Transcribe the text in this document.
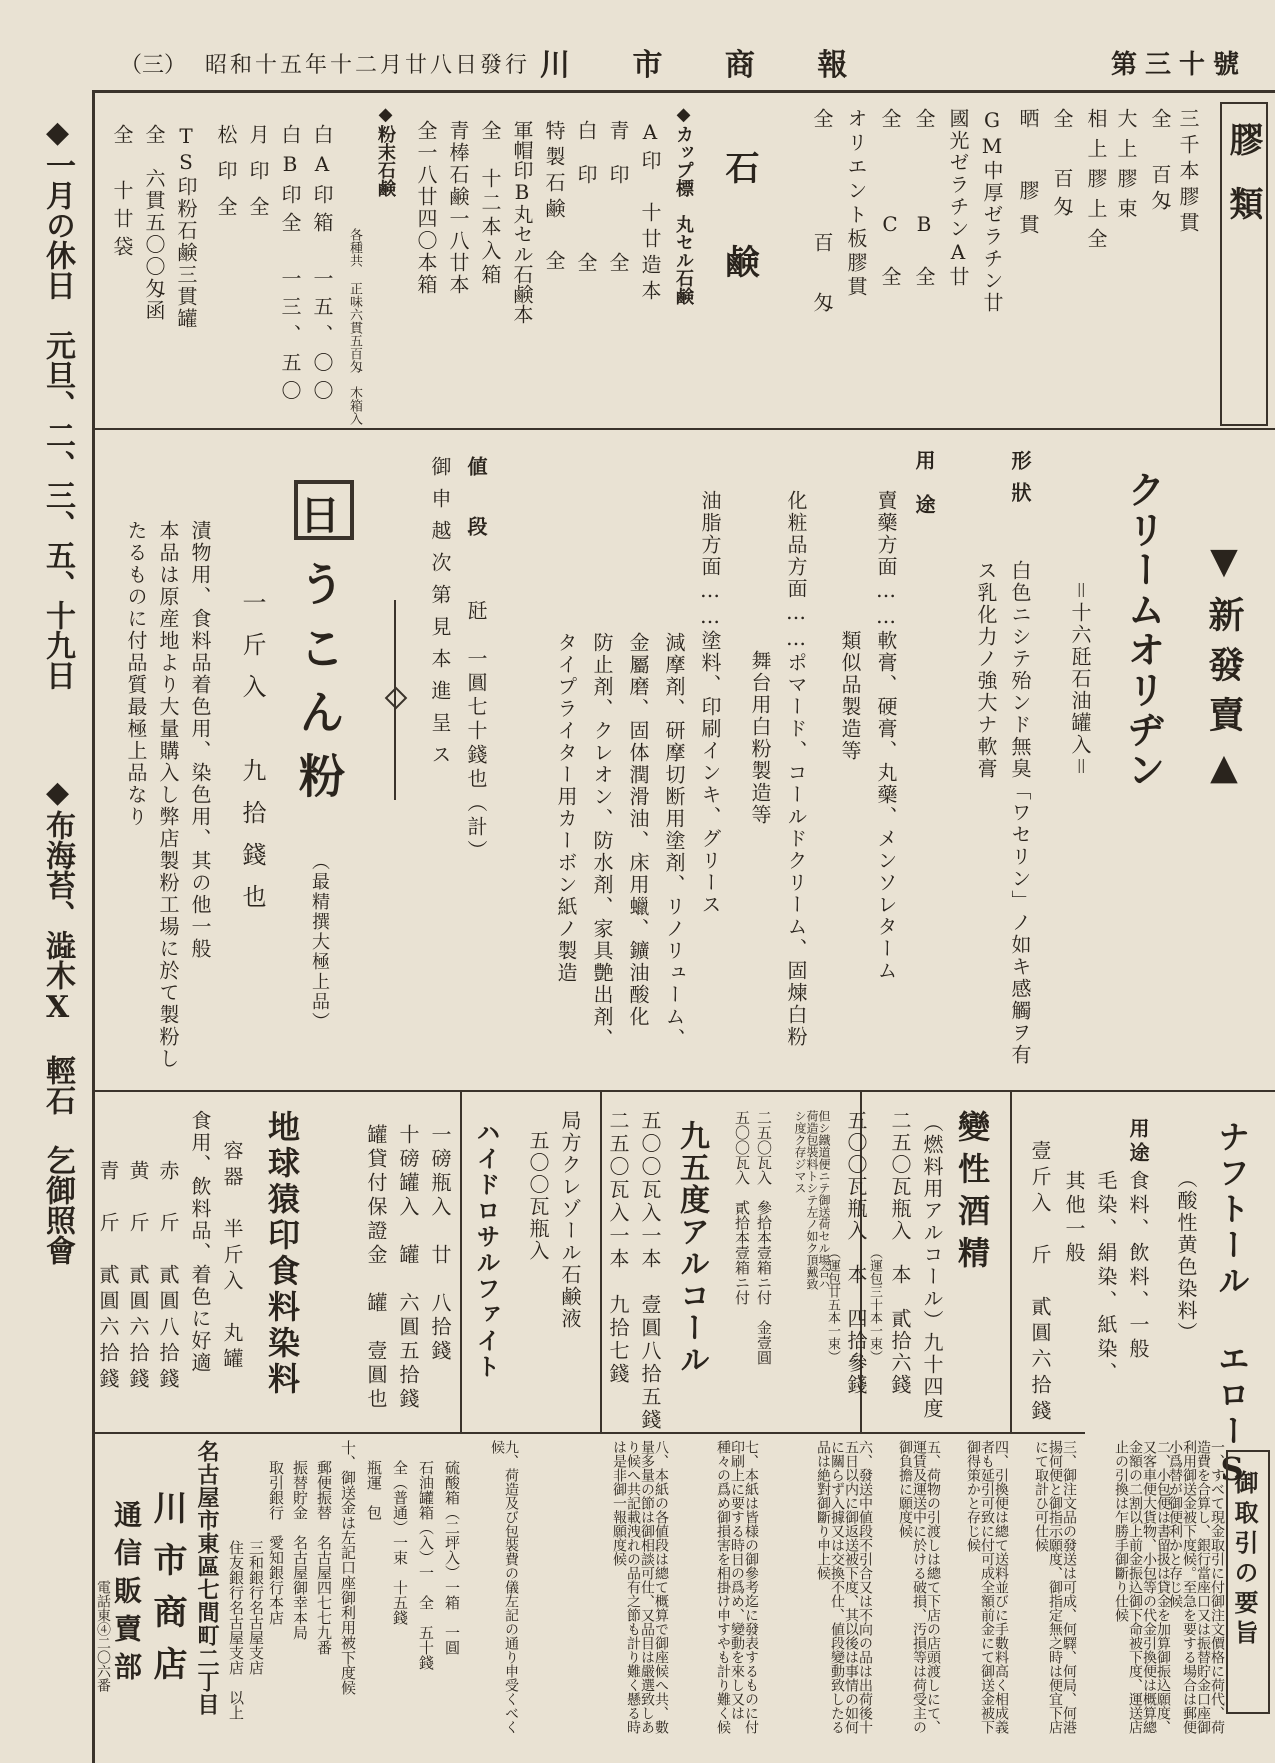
第三十號
川 市 商 報
昭和十五年十二月廿八日發行
（三）
◆一月の休日　元旦、二、三、五、十九日
◆布海苔、澁木X　輕石　乞御照會
膠類
三千本膠貫
全 百匁
大上膠束
相上膠上全
全 百匁
晒 膠貫
GM中厚ゼラチン廿
國光ゼラチンA廿
全 B全
全 C全
オリエント板膠貫
全 百匁
石鹸
◆カップ標　丸セル石鹸
A印　十廿造本
青印　全
白印　全
特製石鹸　全
軍帽印B丸セル石鹸本
全　十二本入箱
青棒石鹸一八廿本
全一八廿四〇本箱
◆粉末石鹸
各種共 正味六貫五百匁　木箱入
白A印箱　一五、〇〇
白B印全　一三、五〇
月印全
松印全
TS印粉石鹸三貫罐
全　六貫五〇〇匁函
全　十廿袋
▼新發賣▲
クリームオリヂン
＝十六瓩石油罐入＝
形狀
白色ニシテ殆ンド無臭「ワセリン」ノ如キ感觸ヲ有
ス乳化力ノ強大ナ軟膏
用途
賣藥方面……軟膏、硬膏、丸藥、メンソレターム
類似品製造等
化粧品方面……ポマード、コールドクリーム、固煉白粉
舞台用白粉製造等
油脂方面……塗料、印刷インキ、グリース
減摩剤、研摩切断用塗剤、リノリューム、
金屬磨、固体潤滑油、床用蠟、鑛油酸化
防止剤、クレオン、防水剤、家具艶出剤、
タイプライター用カーボン紙ノ製造
値段
瓩　一圓七十錢也（計）
御申越次第見本進呈ス
日
うこん粉
（最精撰大極上品）
一斤入　九拾錢也
漬物用、食料品着色用、染色用、其の他一般
本品は原産地より大量購入し弊店製粉工場に於て製粉し
たるものに付品質最極上品なり
ナフトール エローS
（酸性黄色染料）
用途
食料、飲料、一般
毛染、絹染、紙染、
其他一般
壹斤入　斤　貳圓六拾錢
變性酒精
（燃料用アルコール）九十四度
二五〇瓦瓶入　本　貳拾六錢
（運包三十本一束）
五〇〇瓦瓶入　本　四拾參錢
（運包廿五本一束）
但シ鐵道便ニテ御送荷セル場合ハ荷造包裝料トシテ左ノ如ク頂戴致シ度ク存ジマス
二五〇瓦入　參拾本壹箱ニ付　金壹圓
五〇〇瓦入　貳拾本壹箱ニ付
九五度アルコール
五〇〇瓦入一本　壹圓八拾五錢
二五〇瓦入一本　九拾七錢
局方クレゾール石鹸液
五〇〇瓦瓶入
ハイドロサルファイト
一磅瓶入　廿　八拾錢
十磅罐入　罐　六圓五拾錢
罐貸付保證金　罐　壹圓也
地球猿印食料染料
容器　半斤入　丸罐
食用、飲料品、着色に好適
赤　斤　貳圓八拾錢
黄　斤　貳圓六拾錢
青　斤　貳圓六拾錢
御取引の要旨
一、すべて現金取引に付御注文價格に荷代、荷造費を合算し、銀行當座口又は振替貯金口座御利用御送金被下度候。至急を要する場合は郵便小爲替が御便利かと存じ候
二、小包便は書留扱は貸金を加算御振込願度、又客車便大貨物、小包等の代金引換便は概算總金額の二割以上前金振込御下命被下度、運送店止の引換は乍勝手御斷り仕候
三、御注文品の發送は可成、何驛、何局、何港揚何便と御指示願度、御指定無之時は便宜下店にて取計ひ可仕候
四、引換便は總て送料並びに手數料高く相成義者も延引可致に付可成全額前金にて御送金被下御得策かと存じ候
五、荷物の引渡しは總て下店の店頭渡しにて、運賃及運送中に於ける破損、汚損等は荷受主の御負擔に願度候
六、發送中値段不引合又は不向の品は出荷後十五日以内に御返送被下度、其以後は事情の如何に關らず入據又は交換不仕、値段變動致したる品は絶對御斷り申上候
七、本紙は皆様の御參考迄に發表するものに付印刷上に要する時日の爲め、變動を來し又は種々の爲め御損害を相掛け申すやも計り難く候
八、本紙の各値段は總て概算で御座候へ共、數量多量の節は御相談可仕、又品目は嚴選致しあり候へ共記載洩れの品有之節も計り難く懸る時は是非御一報願度候
九、荷造及び包裝費の儀左記の通り申受くべく候
硫酸箱（二坪入）一箱　一圓
石油罐箱（入）一　全　五十錢
全（普通）一束　十五錢
瓶運　包
十、御送金は左記口座御利用被下度候
郵便振替　名古屋四七七九番
振替貯金　名古屋御幸本局
取引銀行　愛知銀行本店
三和銀行名古屋支店
住友銀行名古屋支店
以上
名古屋市東區七間町二丁目
川市商店
通信販賣部
電話東④二〇六番
